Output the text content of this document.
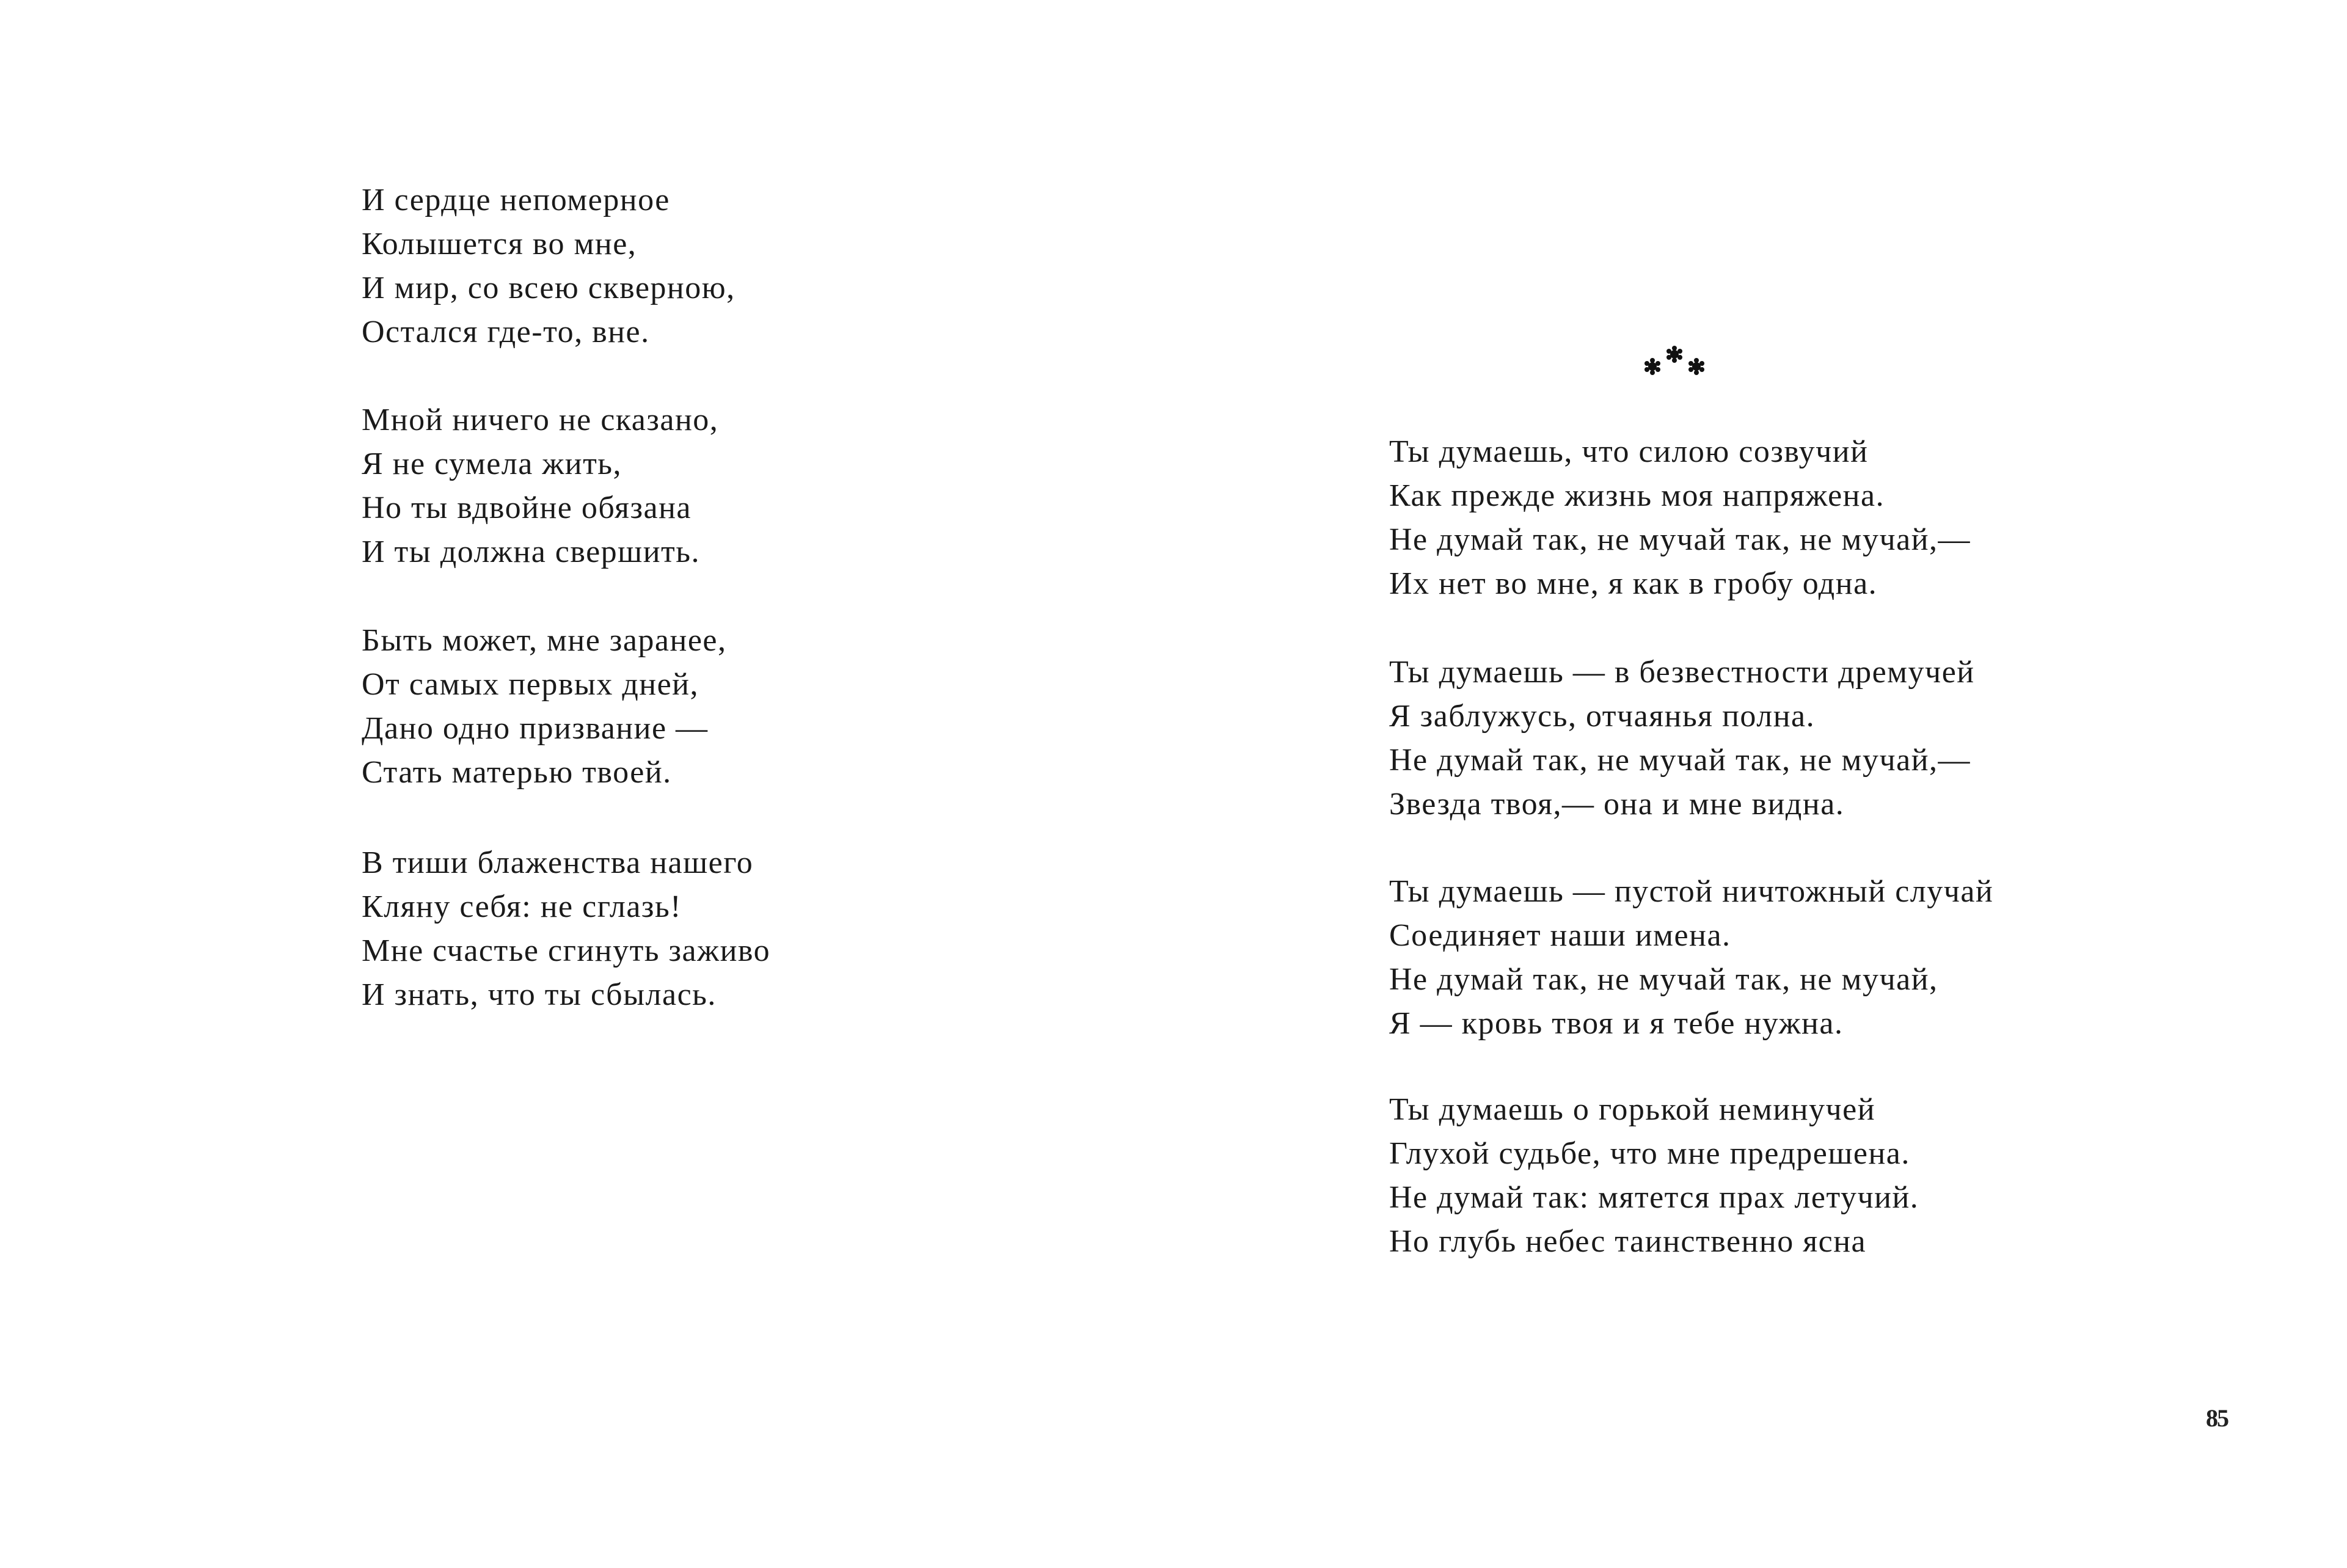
И сердце непомерное
Колышется во мне,
И мир, со всею скверною,
Остался где-то, вне.
Мной ничего не сказано,
Я не сумела жить,
Но ты вдвойне обязана
И ты должна свершить.
Быть может, мне заранее,
От самых первых дней,
Дано одно призвание —
Стать матерью твоей.
В тиши блаженства нашего
Кляну себя: не сглазь!
Мне счастье сгинуть заживо
И знать, что ты сбылась.
Ты думаешь, что силою созвучий
Как прежде жизнь моя напряжена.
Не думай так, не мучай так, не мучай,—
Их нет во мне, я как в гробу одна.
Ты думаешь — в безвестности дремучей
Я заблужусь, отчаянья полна.
Не думай так, не мучай так, не мучай,—
Звезда твоя,— она и мне видна.
Ты думаешь — пустой ничтожный случай
Соединяет наши имена.
Не думай так, не мучай так, не мучай,
Я — кровь твоя и я тебе нужна.
Ты думаешь о горькой неминучей
Глухой судьбе, что мне предрешена.
Не думай так: мятется прах летучий.
Но глубь небес таинственно ясна
85
